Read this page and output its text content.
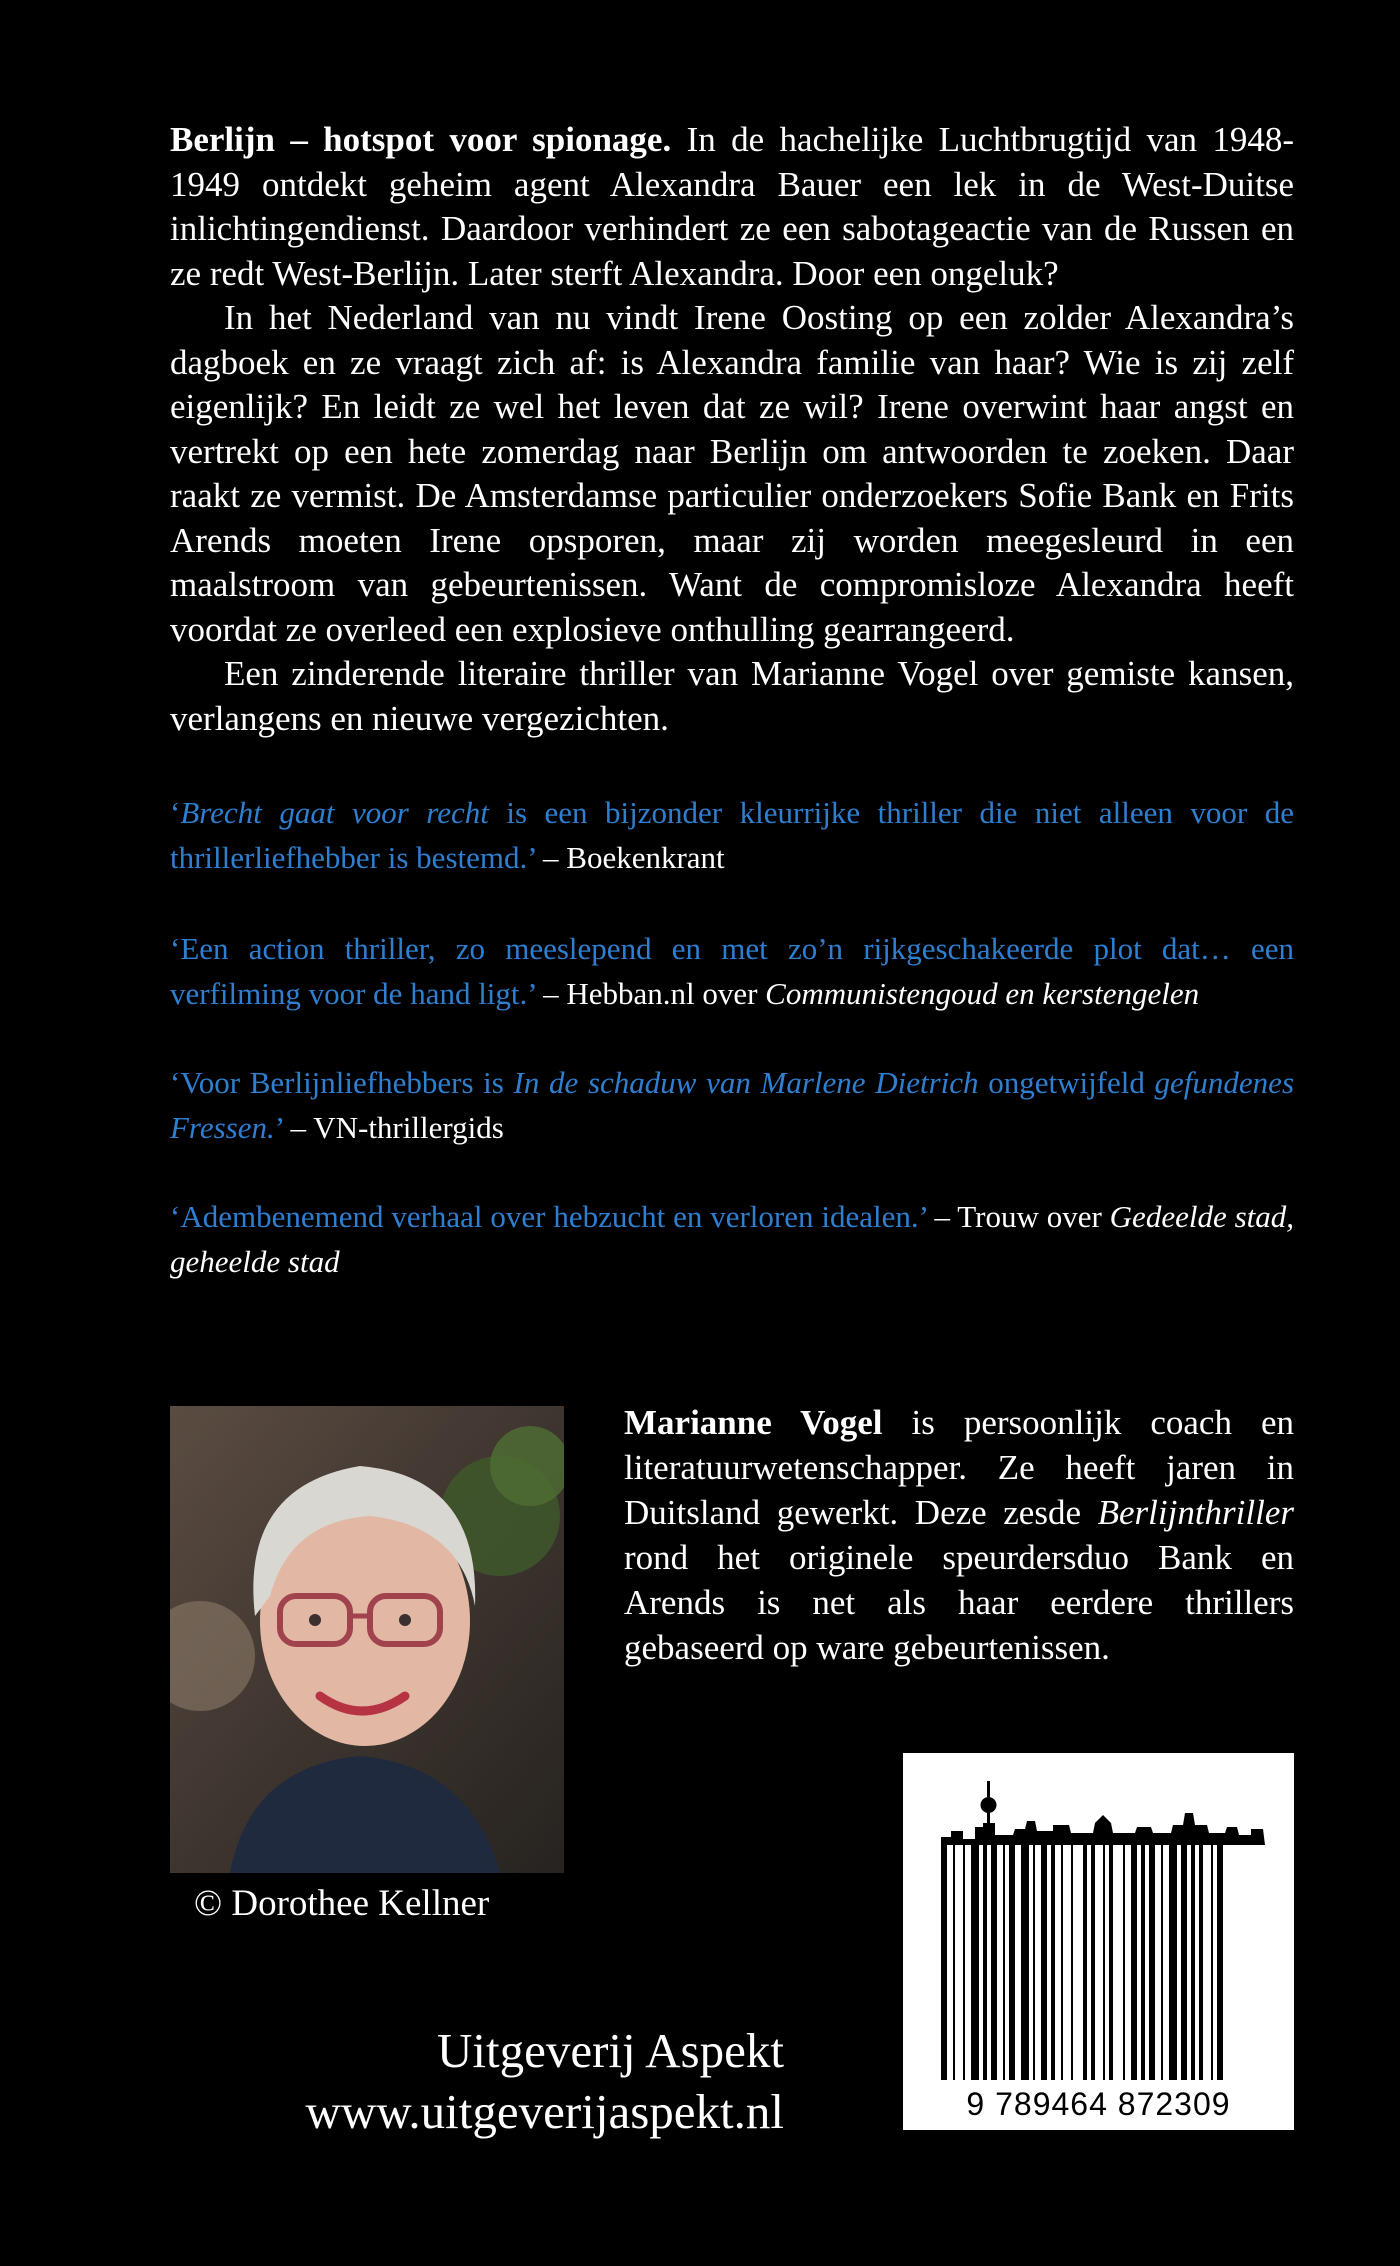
Berlijn – hotspot voor spionage. In de hachelijke Luchtbrugtijd van 1948-1949 ontdekt geheim agent Alexandra Bauer een lek in de West-Duitse inlichtingendienst. Daardoor verhindert ze een sabotageactie van de Russen en ze redt West-Berlijn. Later sterft Alexandra. Door een ongeluk?

In het Nederland van nu vindt Irene Oosting op een zolder Alexandra’s dagboek en ze vraagt zich af: is Alexandra familie van haar? Wie is zij zelf eigenlijk? En leidt ze wel het leven dat ze wil? Irene overwint haar angst en vertrekt op een hete zomerdag naar Berlijn om antwoorden te zoeken. Daar raakt ze vermist. De Amsterdamse particulier onderzoekers Sofie Bank en Frits Arends moeten Irene opsporen, maar zij worden meegesleurd in een maalstroom van gebeurtenissen. Want de compromisloze Alexandra heeft voordat ze overleed een explosieve onthulling gearrangeerd.

Een zinderende literaire thriller van Marianne Vogel over gemiste kansen, verlangens en nieuwe vergezichten.

‘Brecht gaat voor recht is een bijzonder kleurrijke thriller die niet alleen voor de thrillerliefhebber is bestemd.’ – Boekenkrant
‘Een action thriller, zo meeslepend en met zo’n rijkgeschakeerde plot dat… een verfilming voor de hand ligt.’ – Hebban.nl over Communistengoud en kerstengelen
‘Voor Berlijnliefhebbers is In de schaduw van Marlene Dietrich ongetwijfeld gefundenes Fressen.’ – VN-thrillergids
‘Adembenemend verhaal over hebzucht en verloren idealen.’ – Trouw over Gedeelde stad, geheelde stad
© Dorothee Kellner
Marianne Vogel is persoonlijk coach en literatuurwetenschapper. Ze heeft jaren in Duitsland gewerkt. Deze zesde Berlijnthriller rond het originele speurdersduo Bank en Arends is net als haar eerdere thrillers gebaseerd op ware gebeurtenissen.
Uitgeverij Aspekt
www.uitgeverijaspekt.nl	9 789464 872309
